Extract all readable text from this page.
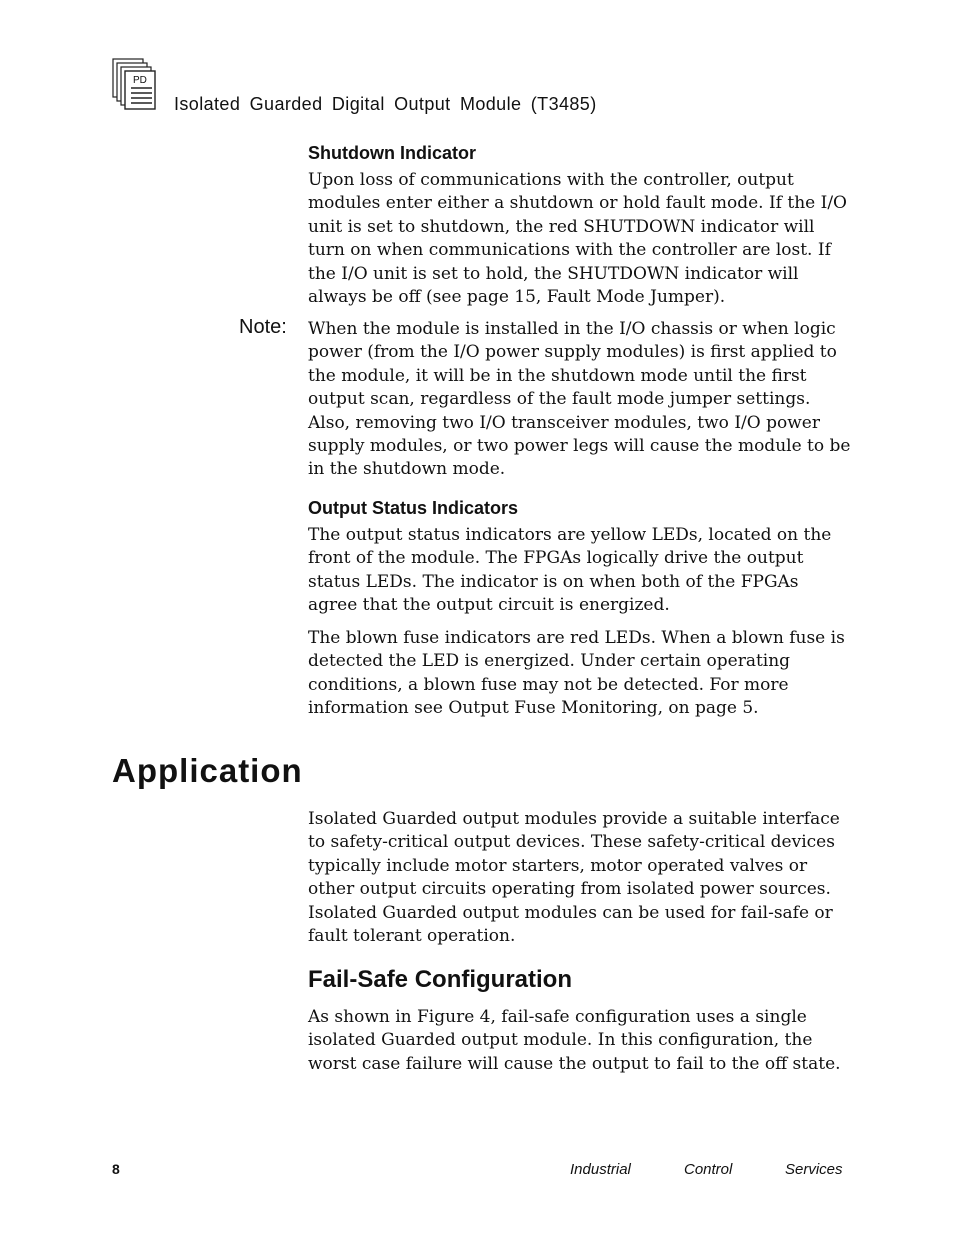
PD
Isolated Guarded Digital Output Module (T3485)
Shutdown Indicator
Upon loss of communications with the controller, output
modules enter either a shutdown or hold fault mode. If the I/O
unit is set to shutdown, the red SHUTDOWN indicator will
turn on when communications with the controller are lost. If
the I/O unit is set to hold, the SHUTDOWN indicator will
always be off (see page 15, Fault Mode Jumper).
Note: When the module is installed in the I/O chassis or when logic
power (from the I/O power supply modules) is first applied to
the module, it will be in the shutdown mode until the first
output scan, regardless of the fault mode jumper settings.
Also, removing two I/O transceiver modules, two I/O power
supply modules, or two power legs will cause the module to be
in the shutdown mode.
Output Status Indicators
The output status indicators are yellow LEDs, located on the
front of the module. The FPGAs logically drive the output
status LEDs. The indicator is on when both of the FPGAs
agree that the output circuit is energized.
The blown fuse indicators are red LEDs. When a blown fuse is
detected the LED is energized. Under certain operating
conditions, a blown fuse may not be detected. For more
information see Output Fuse Monitoring, on page 5.
Application
Isolated Guarded output modules provide a suitable interface
to safety-critical output devices. These safety-critical devices
typically include motor starters, motor operated valves or
other output circuits operating from isolated power sources.
Isolated Guarded output modules can be used for fail-safe or
fault tolerant operation.
Fail-Safe Configuration
As shown in Figure 4, fail-safe configuration uses a single
isolated Guarded output module. In this configuration, the
worst case failure will cause the output to fail to the off state.
8	Industrial	Control	Services
